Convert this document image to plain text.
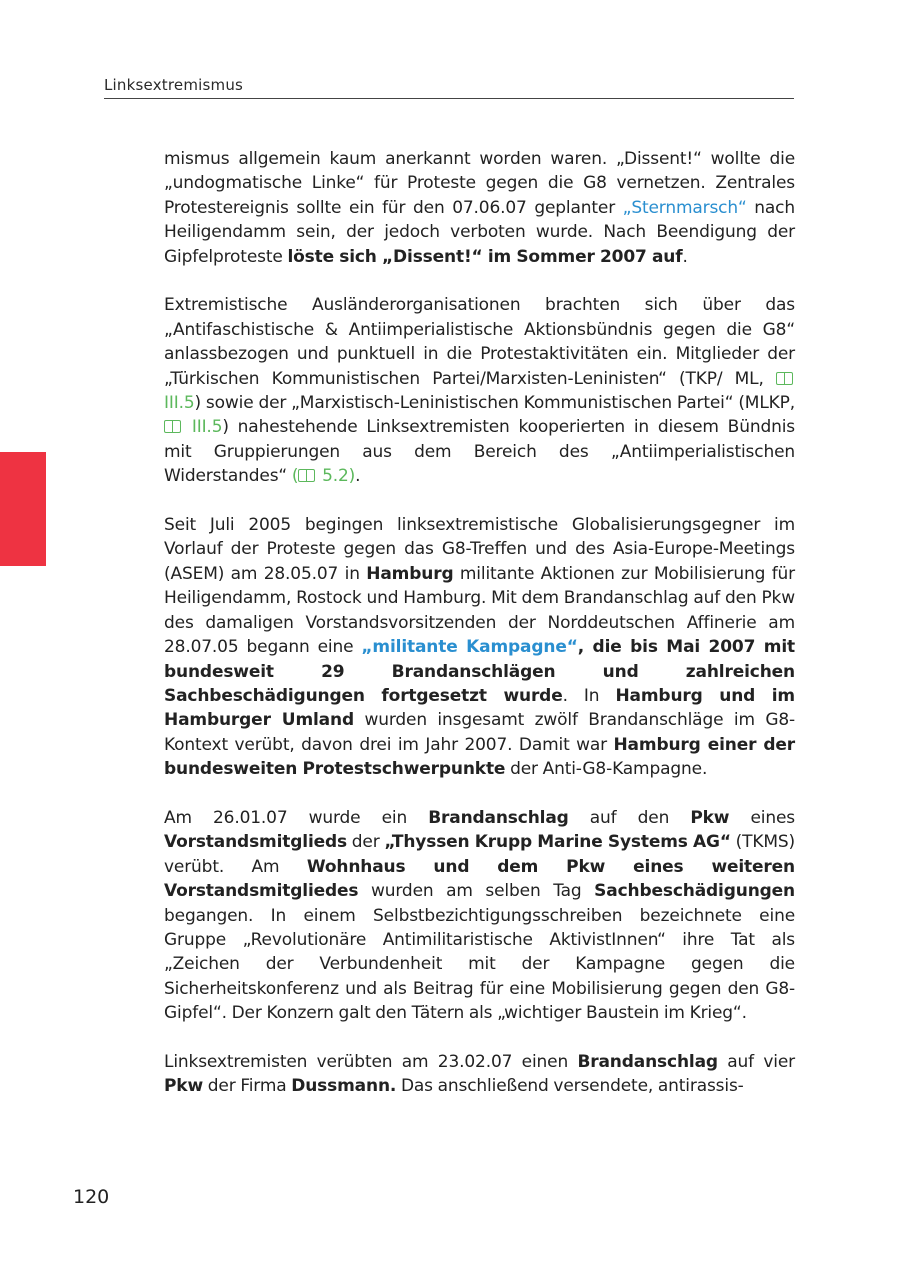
Linksextremismus

mismus allgemein kaum anerkannt worden waren. „Dissent!“ wollte die „undogmatische Linke“ für Proteste gegen die G8 vernetzen. Zentrales Protestereignis sollte ein für den 07.06.07 geplanter „Sternmarsch“ nach Heiligendamm sein, der jedoch verboten wurde. Nach Beendigung der Gipfelproteste löste sich „Dissent!“ im Sommer 2007 auf.

Extremistische Ausländerorganisationen brachten sich über das „Antifaschistische & Antiimperialistische Aktionsbündnis gegen die G8“ anlassbezogen und punktuell in die Protestaktivitäten ein. Mitglieder der „Türkischen Kommunistischen Partei/Marxisten-Leninisten“ (TKP/ ML,  III.5) sowie der „Marxistisch-Leninistischen Kommunistischen Partei“ (MLKP,  III.5) nahestehende Linksextremisten kooperierten in diesem Bündnis mit Gruppierungen aus dem Bereich des „Antiimperialistischen Widerstandes“ ( 5.2).

Seit Juli 2005 begingen linksextremistische Globalisierungsgegner im Vorlauf der Proteste gegen das G8-Treffen und des Asia-Europe-Meetings (ASEM) am 28.05.07 in Hamburg militante Aktionen zur Mobilisierung für Heiligendamm, Rostock und Hamburg. Mit dem Brandanschlag auf den Pkw des damaligen Vorstandsvorsitzenden der Norddeutschen Affinerie am 28.07.05 begann eine „militante Kampagne“, die bis Mai 2007 mit bundesweit 29 Brandanschlägen und zahlreichen Sachbeschädigungen fortgesetzt wurde. In Hamburg und im Hamburger Umland wurden insgesamt zwölf Brandanschläge im G8-Kontext verübt, davon drei im Jahr 2007. Damit war Hamburg einer der bundesweiten Protestschwerpunkte der Anti-G8-Kampagne.

Am 26.01.07 wurde ein Brandanschlag auf den Pkw eines Vorstandsmitglieds der „Thyssen Krupp Marine Systems AG“ (TKMS) verübt. Am Wohnhaus und dem Pkw eines weiteren Vorstandsmitgliedes wurden am selben Tag Sachbeschädigungen begangen. In einem Selbstbezichtigungsschreiben bezeichnete eine Gruppe „Revolutionäre Antimilitaristische AktivistInnen“ ihre Tat als „Zeichen der Verbundenheit mit der Kampagne gegen die Sicherheitskonferenz und als Beitrag für eine Mobilisierung gegen den G8-Gipfel“. Der Konzern galt den Tätern als „wichtiger Baustein im Krieg“.

Linksextremisten verübten am 23.02.07 einen Brandanschlag auf vier Pkw der Firma Dussmann. Das anschließend versendete, antirassis-

120
